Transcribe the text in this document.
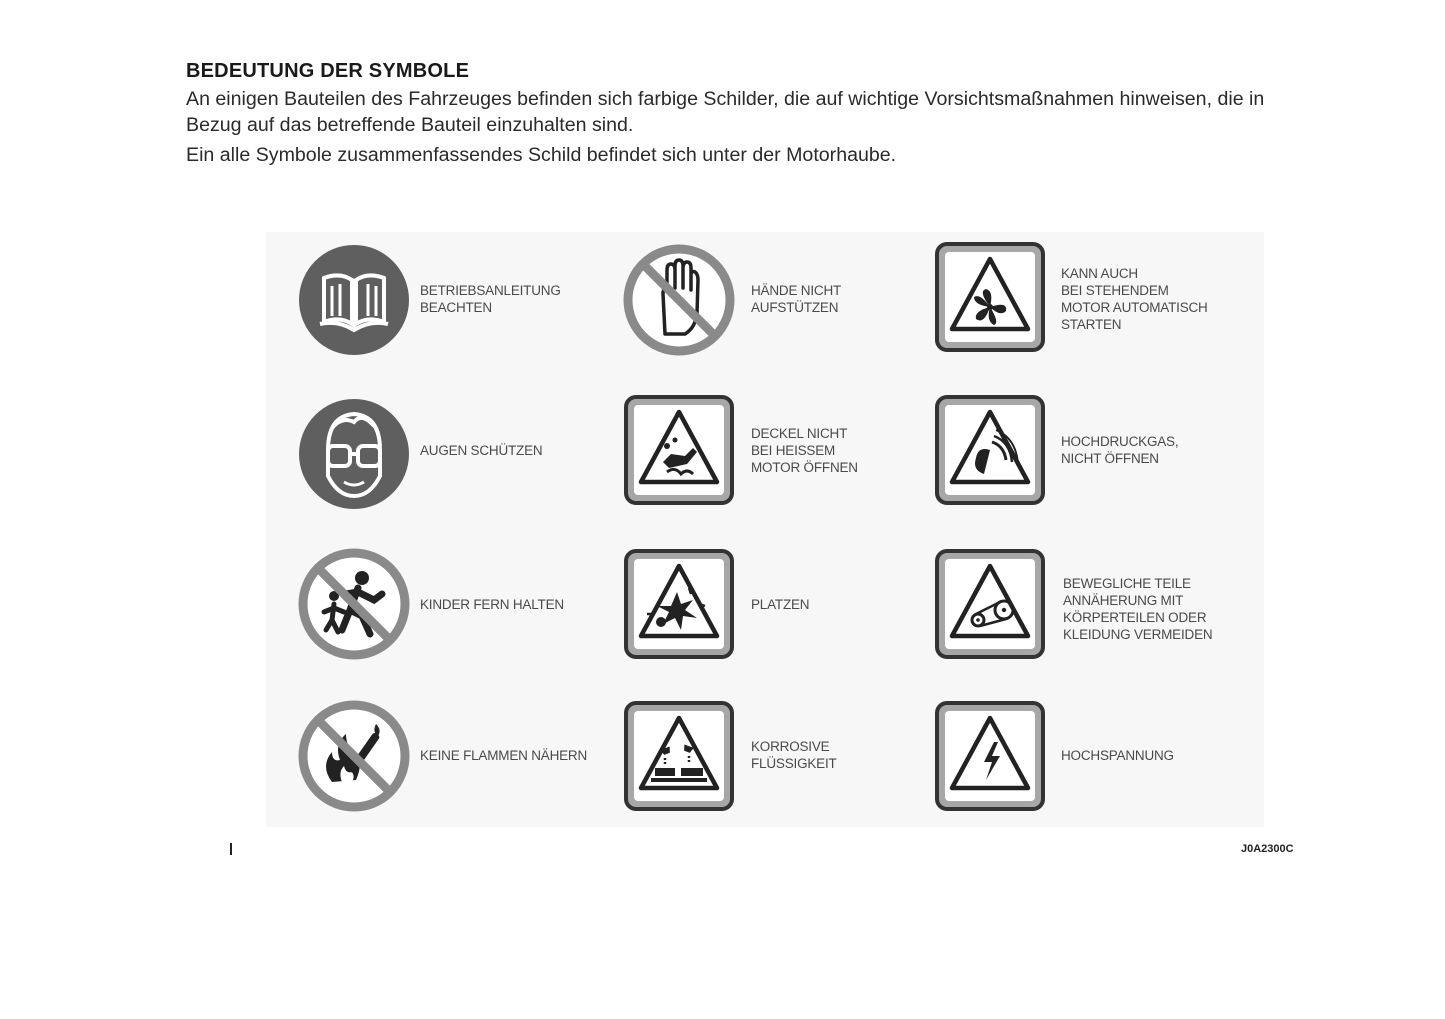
BEDEUTUNG DER SYMBOLE
An einigen Bauteilen des Fahrzeuges befinden sich farbige Schilder, die auf wichtige Vorsichtsmaßnahmen hinweisen, die in Bezug auf das betreffende Bauteil einzuhalten sind.
Ein alle Symbole zusammenfassendes Schild befindet sich unter der Motorhaube.
BETRIEBSANLEITUNG
BEACHTEN
AUGEN SCHÜTZEN
KINDER FERN HALTEN
KEINE FLAMMEN NÄHERN
HÄNDE NICHT
AUFSTÜTZEN
DECKEL NICHT
BEI HEISSEM
MOTOR ÖFFNEN
PLATZEN
KORROSIVE
FLÜSSIGKEIT
KANN AUCH
BEI STEHENDEM
MOTOR AUTOMATISCH
STARTEN
HOCHDRUCKGAS,
NICHT ÖFFNEN
BEWEGLICHE TEILE
ANNÄHERUNG MIT
KÖRPERTEILEN ODER
KLEIDUNG VERMEIDEN
HOCHSPANNUNG
J0A2300C
